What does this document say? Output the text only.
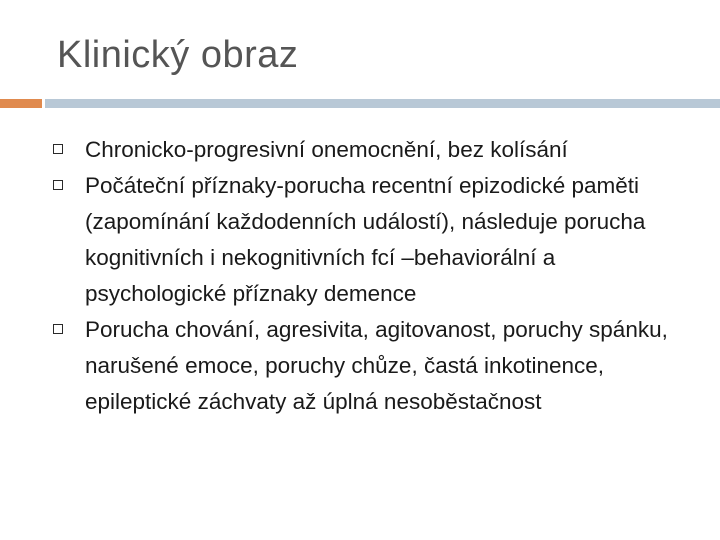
Klinický obraz
Chronicko-progresivní onemocnění, bez kolísání
Počáteční příznaky-porucha recentní epizodické paměti (zapomínání každodenních událostí), následuje porucha kognitivních i nekognitivních fcí –behaviorální a psychologické příznaky demence
Porucha chování, agresivita, agitovanost, poruchy spánku, narušené emoce, poruchy chůze, častá inkotinence, epileptické záchvaty až úplná nesoběstačnost
